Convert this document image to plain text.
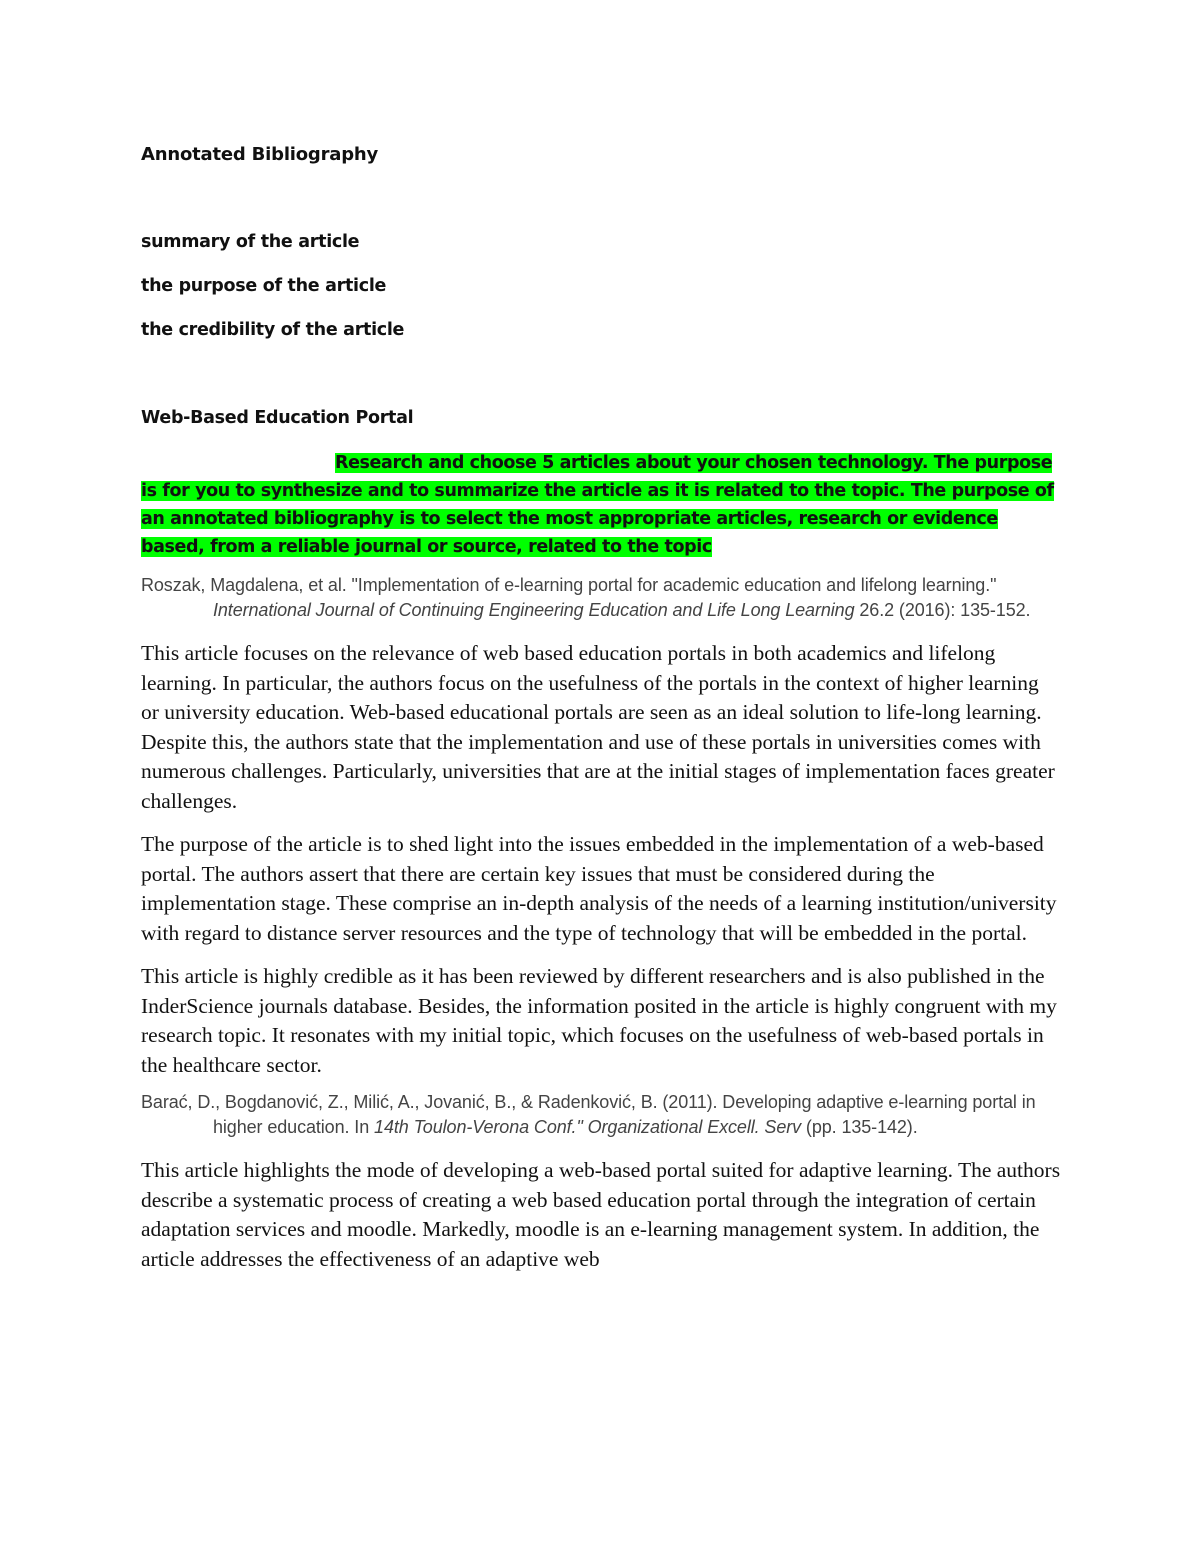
Annotated Bibliography

summary of the article

the purpose of the article

the credibility of the article

Web-Based Education Portal

Research and choose 5 articles about your chosen technology. The purpose is for you to synthesize and to summarize the article as it is related to the topic. The purpose of an annotated bibliography is to select the most appropriate articles, research or evidence based, from a reliable journal or source, related to the topic

Roszak, Magdalena, et al. "Implementation of e-learning portal for academic education and lifelong learning." International Journal of Continuing Engineering Education and Life Long Learning 26.2 (2016): 135-152.

This article focuses on the relevance of web based education portals in both academics and lifelong learning. In particular, the authors focus on the usefulness of the portals in the context of higher learning or university education. Web-based educational portals are seen as an ideal solution to life-long learning. Despite this, the authors state that the implementation and use of these portals in universities comes with numerous challenges. Particularly, universities that are at the initial stages of implementation faces greater challenges.

The purpose of the article is to shed light into the issues embedded in the implementation of a web-based portal. The authors assert that there are certain key issues that must be considered during the implementation stage. These comprise an in-depth analysis of the needs of a learning institution/university with regard to distance server resources and the type of technology that will be embedded in the portal.

This article is highly credible as it has been reviewed by different researchers and is also published in the InderScience journals database. Besides, the information posited in the article is highly congruent with my research topic. It resonates with my initial topic, which focuses on the usefulness of web-based portals in the healthcare sector.

Barać, D., Bogdanović, Z., Milić, A., Jovanić, B., & Radenković, B. (2011). Developing adaptive e-learning portal in higher education. In 14th Toulon-Verona Conf." Organizational Excell. Serv (pp. 135-142).

This article highlights the mode of developing a web-based portal suited for adaptive learning. The authors describe a systematic process of creating a web based education portal through the integration of certain adaptation services and moodle. Markedly, moodle is an e-learning management system. In addition, the article addresses the effectiveness of an adaptive web
